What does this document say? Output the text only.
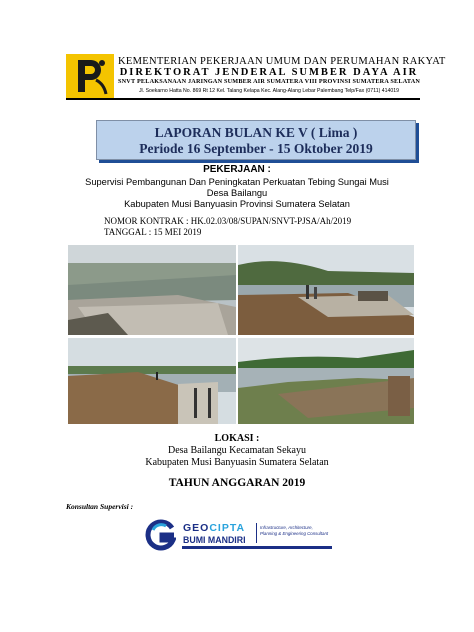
KEMENTERIAN PEKERJAAN UMUM DAN PERUMAHAN RAKYAT
DIREKTORAT JENDERAL SUMBER DAYA AIR
SNVT PELAKSANAAN JARINGAN SUMBER AIR SUMATERA VIII PROVINSI SUMATERA SELATAN
Jl. Soekarno Hatta No. 869 Rt 12 Kel. Talang Kelapa Kec. Alang-Alang Lebar Palembang Telp/Fax (0711) 414019
LAPORAN BULAN KE V ( Lima )
Periode 16 September - 15 Oktober 2019
PEKERJAAN :
Supervisi Pembangunan Dan Peningkatan Perkuatan Tebing Sungai Musi
Desa Bailangu
Kabupaten Musi Banyuasin Provinsi Sumatera Selatan
NOMOR KONTRAK : HK.02.03/08/SUPAN/SNVT-PJSA/Ah/2019
TANGGAL : 15 MEI 2019
LOKASI :
Desa Bailangu Kecamatan Sekayu
Kabupaten Musi Banyuasin Sumatera Selatan
TAHUN ANGGARAN 2019
Konsultan Supervisi :
GEOCIPTA
BUMI MANDIRI
Infrastructure, Architecture,
Planning & Engineering Consultant
